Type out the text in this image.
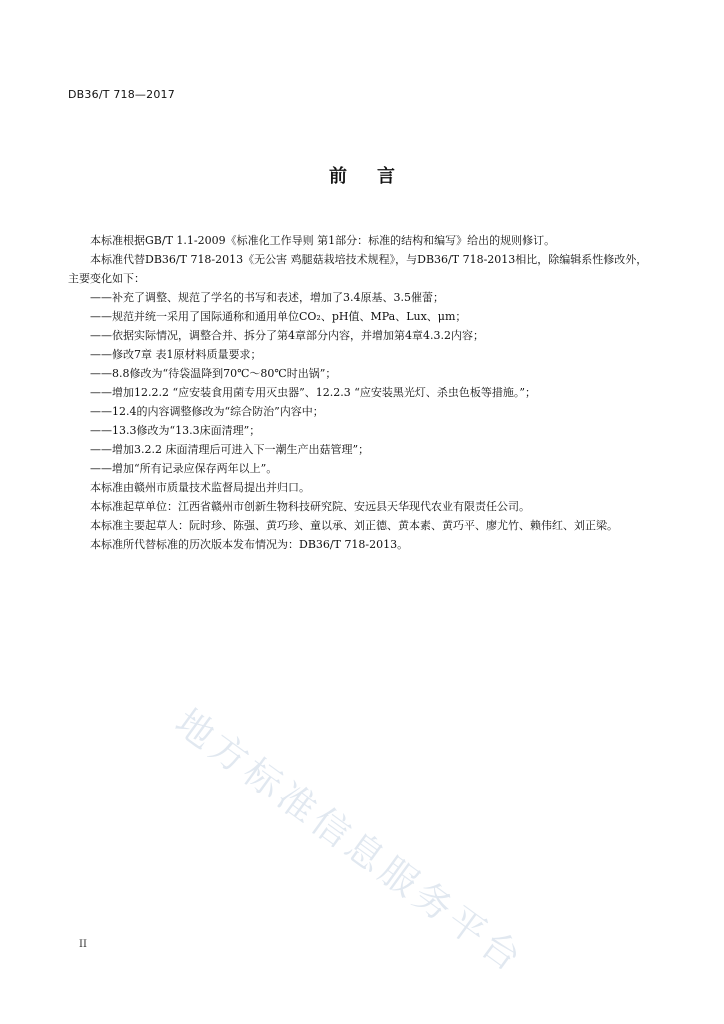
DB36/T 718—2017
前言

本标准根据GB/T 1.1-2009《标准化工作导则 第1部分：标准的结构和编写》给出的规则修订。

本标准代替DB36/T 718-2013《无公害 鸡腿菇栽培技术规程》，与DB36/T 718-2013相比，除编辑系性修改外，主要变化如下：

——补充了调整、规范了学名的书写和表述，增加了3.4原基、3.5催蕾；

——规范并统一采用了国际通称和通用单位CO₂、pH值、MPa、Lux、μm；

——依据实际情况，调整合并、拆分了第4章部分内容，并增加第4章4.3.2内容；

——修改7章 表1原材料质量要求；

——8.8修改为“待袋温降到70℃～80℃时出锅”；

——增加12.2.2 “应安装食用菌专用灭虫器”、12.2.3 “应安装黑光灯、杀虫色板等措施。”；

——12.4的内容调整修改为“综合防治”内容中；

——13.3修改为“13.3床面清理”；

——增加3.2.2 床面清理后可进入下一潮生产出菇管理”；

——增加“所有记录应保存两年以上”。

本标准由赣州市质量技术监督局提出并归口。

本标准起草单位：江西省赣州市创新生物科技研究院、安远县天华现代农业有限责任公司。

本标准主要起草人：阮时珍、陈强、黄巧珍、童以承、刘正德、黄本素、黄巧平、廖尤竹、赖伟红、刘正梁。

本标准所代替标准的历次版本发布情况为：DB36/T 718-2013。

地方标准信息服务平台
II
